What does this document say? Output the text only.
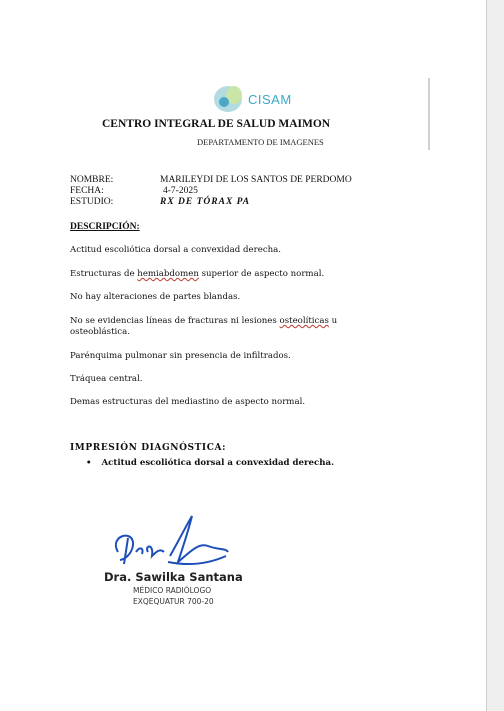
CISAM
CENTRO INTEGRAL DE SALUD MAIMON
DEPARTAMENTO DE IMAGENES
NOMBRE:	MARILEYDI DE LOS SANTOS DE PERDOMO
FECHA:	4-7-2025
ESTUDIO:	RX DE TÓRAX PA
DESCRIPCIÓN:
Actitud escoliótica dorsal a convexidad derecha.
Estructuras de hemiabdomen superior de aspecto normal.
No hay alteraciones de partes blandas.
No se evidencias líneas de fracturas ni lesiones osteolíticas u osteoblástica.
Parénquima pulmonar sin presencia de infiltrados.
Tráquea central.
Demas estructuras del mediastino de aspecto normal.
IMPRESIÓN DIAGNÓSTICA:
• Actitud escoliótica dorsal a convexidad derecha.
Dra. Sawilka Santana
MÉDICO RADIÓLOGO
EXQEQUATUR 700-20
